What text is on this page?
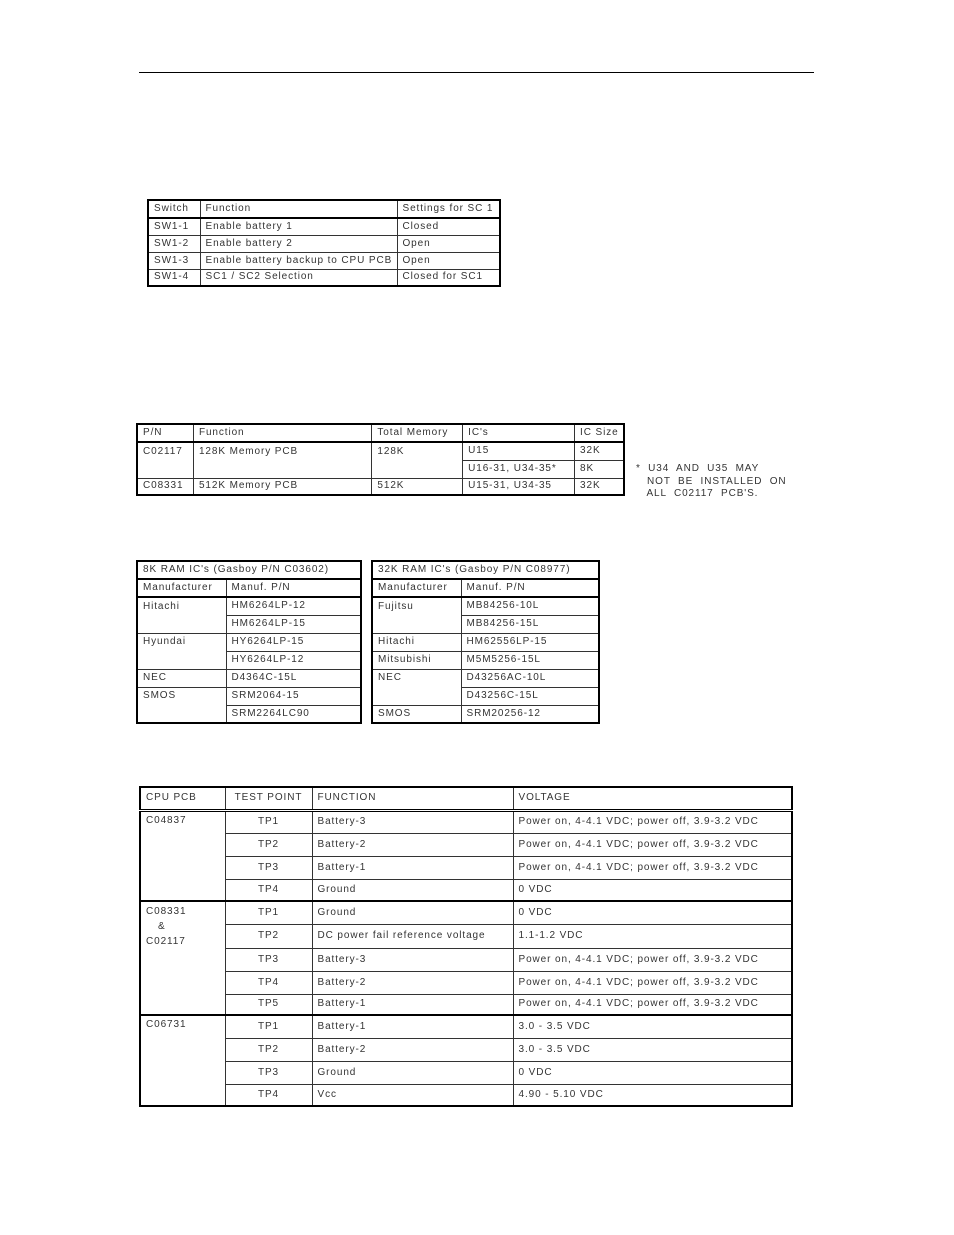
Switch	Function	Settings for SC 1
SW1-1	Enable battery 1	Closed
SW1-2	Enable battery 2	Open
SW1-3	Enable battery backup to CPU PCB	Open
SW1-4	SC1 / SC2 Selection	Closed for SC1
P/N	Function	Total Memory	IC's	IC Size
C02117	128K Memory PCB	128K	U15	32K
			U16-31, U34-35*	8K
C08331	512K Memory PCB	512K	U15-31, U34-35	32K
*  U34  AND  U35  MAY
NOT  BE  INSTALLED  ON
ALL  C02117  PCB'S.
8K RAM IC's (Gasboy P/N C03602)	
Manufacturer	Manuf. P/N
Hitachi	HM6264LP-12
	HM6264LP-15
Hyundai	HY6264LP-15
	HY6264LP-12
NEC	D4364C-15L
SMOS	SRM2064-15
	SRM2264LC90
32K RAM IC's (Gasboy P/N C08977)	
Manufacturer	Manuf. P/N
Fujitsu	MB84256-10L
	MB84256-15L
Hitachi	HM62556LP-15
Mitsubishi	M5M5256-15L
NEC	D43256AC-10L
	D43256C-15L
SMOS	SRM20256-12
CPU PCB	TEST POINT	FUNCTION	VOLTAGE
C04837	TP1	Battery-3	Power on, 4-4.1 VDC; power off, 3.9-3.2 VDC
	TP2	Battery-2	Power on, 4-4.1 VDC; power off, 3.9-3.2 VDC
	TP3	Battery-1	Power on, 4-4.1 VDC; power off, 3.9-3.2 VDC
	TP4	Ground	0 VDC

C08331
&
C02117	TP1	Ground	0 VDC
	TP2	DC power fail reference voltage	1.1-1.2 VDC
	TP3	Battery-3	Power on, 4-4.1 VDC; power off, 3.9-3.2 VDC
	TP4	Battery-2	Power on, 4-4.1 VDC; power off, 3.9-3.2 VDC
	TP5	Battery-1	Power on, 4-4.1 VDC; power off, 3.9-3.2 VDC
C06731	TP1	Battery-1	3.0 - 3.5 VDC
	TP2	Battery-2	3.0 - 3.5 VDC
	TP3	Ground	0 VDC
	TP4	Vcc	4.90 - 5.10 VDC
